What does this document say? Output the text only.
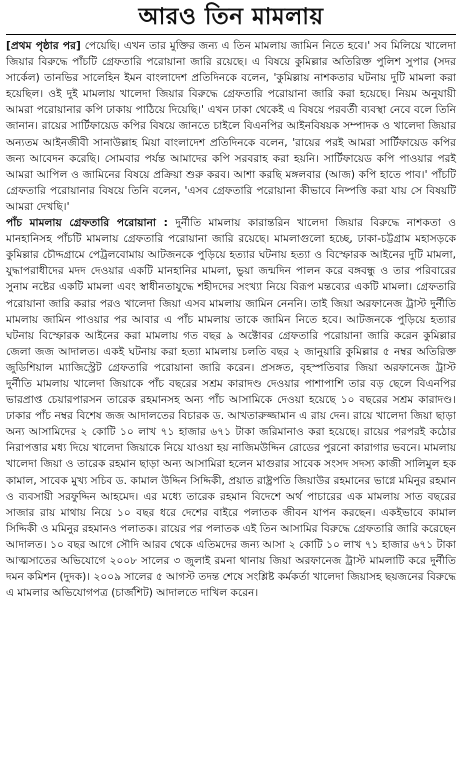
আরও তিন মামলায়

[প্রথম পৃষ্ঠার পর] পেয়েছি। এখন তার মুক্তির জন্য এ তিন মামলায় জামিন নিতে হবে।' সব মিলিয়ে খালেদা জিয়ার বিরুদ্ধে পাঁচটি গ্রেফতারি পরোয়ানা জারি রয়েছে। এ বিষয়ে কুমিল্লার অতিরিক্ত পুলিশ সুপার (সদর সার্কেল) তানভির সালেহিন ইমন বাংলাদেশ প্রতিদিনকে বলেন, 'কুমিল্লায় নাশকতার ঘটনায় দুটি মামলা করা হয়েছিল। ওই দুই মামলায় খালেদা জিয়ার বিরুদ্ধে গ্রেফতারি পরোয়ানা জারি করা হয়েছে। নিয়ম অনুযায়ী আমরা পরোয়ানার কপি ঢাকায় পাঠিয়ে দিয়েছি।' এখন ঢাকা থেকেই এ বিষয়ে পরবর্তী ব্যবস্থা নেবে বলে তিনি জানান। রায়ের সার্টিফায়েড কপির বিষয়ে জানতে চাইলে বিএনপির আইনবিষয়ক সম্পাদক ও খালেদা জিয়ার অন্যতম আইনজীবী সানাউল্লাহ মিয়া বাংলাদেশ প্রতিদিনকে বলেন, 'রায়ের পরই আমরা সার্টিফায়েড কপির জন্য আবেদন করেছি। সোমবার পর্যন্ত আমাদের কপি সরবরাহ করা হয়নি। সার্টিফায়েড কপি পাওয়ার পরই আমরা আপিল ও জামিনের বিষয়ে প্রক্রিয়া শুরু করব। আশা করছি মঙ্গলবার (আজ) কপি হাতে পাব।' পাঁচটি গ্রেফতারি পরোয়ানার বিষয়ে তিনি বলেন, 'এসব গ্রেফতারি পরোয়ানা কীভাবে নিষ্পত্তি করা যায় সে বিষয়টি আমরা দেখছি।'

পাঁচ মামলায় গ্রেফতারি পরোয়ানা : দুর্নীতি মামলায় কারান্তরিন খালেদা জিয়ার বিরুদ্ধে নাশকতা ও মানহানিসহ পাঁচটি মামলায় গ্রেফতারি পরোয়ানা জারি রয়েছে। মামলাগুলো হচ্ছে, ঢাকা-চট্টগ্রাম মহাসড়কে কুমিল্লার চৌদ্দগ্রামে পেট্রলবোমায় আটজনকে পুড়িয়ে হত্যার ঘটনায় হত্যা ও বিস্ফোরক আইনের দুটি মামলা, যুদ্ধাপরাধীদের মদদ দেওয়ার একটি মানহানির মামলা, ভুয়া জন্মদিন পালন করে বঙ্গবন্ধু ও তার পরিবারের সুনাম নষ্টের একটি মামলা এবং স্বাধীনতাযুদ্ধে শহীদদের সংখ্যা নিয়ে বিরূপ মন্তব্যের একটি মামলা। গ্রেফতারি পরোয়ানা জারি করার পরও খালেদা জিয়া এসব মামলায় জামিন নেননি। তাই জিয়া অরফানেজ ট্রাস্ট দুর্নীতি মামলায় জামিন পাওয়ার পর আবার এ পাঁচ মামলায় তাকে জামিন নিতে হবে। আটজনকে পুড়িয়ে হত্যার ঘটনায় বিস্ফোরক আইনের করা মামলায় গত বছর ৯ অক্টোবর গ্রেফতারি পরোয়ানা জারি করেন কুমিল্লার জেলা জজ আদালত। একই ঘটনায় করা হত্যা মামলায় চলতি বছর ২ জানুয়ারি কুমিল্লার ৫ নম্বর অতিরিক্ত জুডিশিয়াল ম্যাজিস্ট্রেট গ্রেফতারি পরোয়ানা জারি করেন। প্রসঙ্গত, বৃহস্পতিবার জিয়া অরফানেজ ট্রাস্ট দুর্নীতি মামলায় খালেদা জিয়াকে পাঁচ বছরের সশ্রম কারাদণ্ড দেওয়ার পাশাপাশি তার বড় ছেলে বিএনপির ভারপ্রাপ্ত চেয়ারপারসন তারেক রহমানসহ অন্য পাঁচ আসামিকে দেওয়া হয়েছে ১০ বছরের সশ্রম কারাদণ্ড। ঢাকার পাঁচ নম্বর বিশেষ জজ আদালতের বিচারক ড. আখতারুজ্জামান এ রায় দেন। রায়ে খালেদা জিয়া ছাড়া অন্য আসামিদের ২ কোটি ১০ লাখ ৭১ হাজার ৬৭১ টাকা জরিমানাও করা হয়েছে। রায়ের পরপরই কঠোর নিরাপত্তার মধ্য দিয়ে খালেদা জিয়াকে নিয়ে যাওয়া হয় নাজিমউদ্দিন রোডের পুরনো কারাগার ভবনে। মামলায় খালেদা জিয়া ও তারেক রহমান ছাড়া অন্য আসামিরা হলেন মাগুরার সাবেক সংসদ সদস্য কাজী সালিমুল হক কামাল, সাবেক মুখ্য সচিব ড. কামাল উদ্দিন সিদ্দিকী, প্রয়াত রাষ্ট্রপতি জিয়াউর রহমানের ভাগ্নে মমিনুর রহমান ও ব্যবসায়ী সরফুদ্দিন আহমেদ। এর মধ্যে তারেক রহমান বিদেশে অর্থ পাচারের এক মামলায় সাত বছরের সাজার রায় মাথায় নিয়ে ১০ বছর ধরে দেশের বাইরে পলাতক জীবন যাপন করছেন। একইভাবে কামাল সিদ্দিকী ও মমিনুর রহমানও পলাতক। রায়ের পর পলাতক এই তিন আসামির বিরুদ্ধে গ্রেফতারি জারি করেছেন আদালত। ১০ বছর আগে সৌদি আরব থেকে এতিমদের জন্য আসা ২ কোটি ১০ লাখ ৭১ হাজার ৬৭১ টাকা আত্মসাতের অভিযোগে ২০০৮ সালের ৩ জুলাই রমনা থানায় জিয়া অরফানেজ ট্রাস্ট মামলাটি করে দুর্নীতি দমন কমিশন (দুদক)। ২০০৯ সালের ৫ আগস্ট তদন্ত শেষে সংশ্লিষ্ট কর্মকর্তা খালেদা জিয়াসহ ছয়জনের বিরুদ্ধে এ মামলার অভিযোগপত্র (চার্জশিট) আদালতে দাখিল করেন।
